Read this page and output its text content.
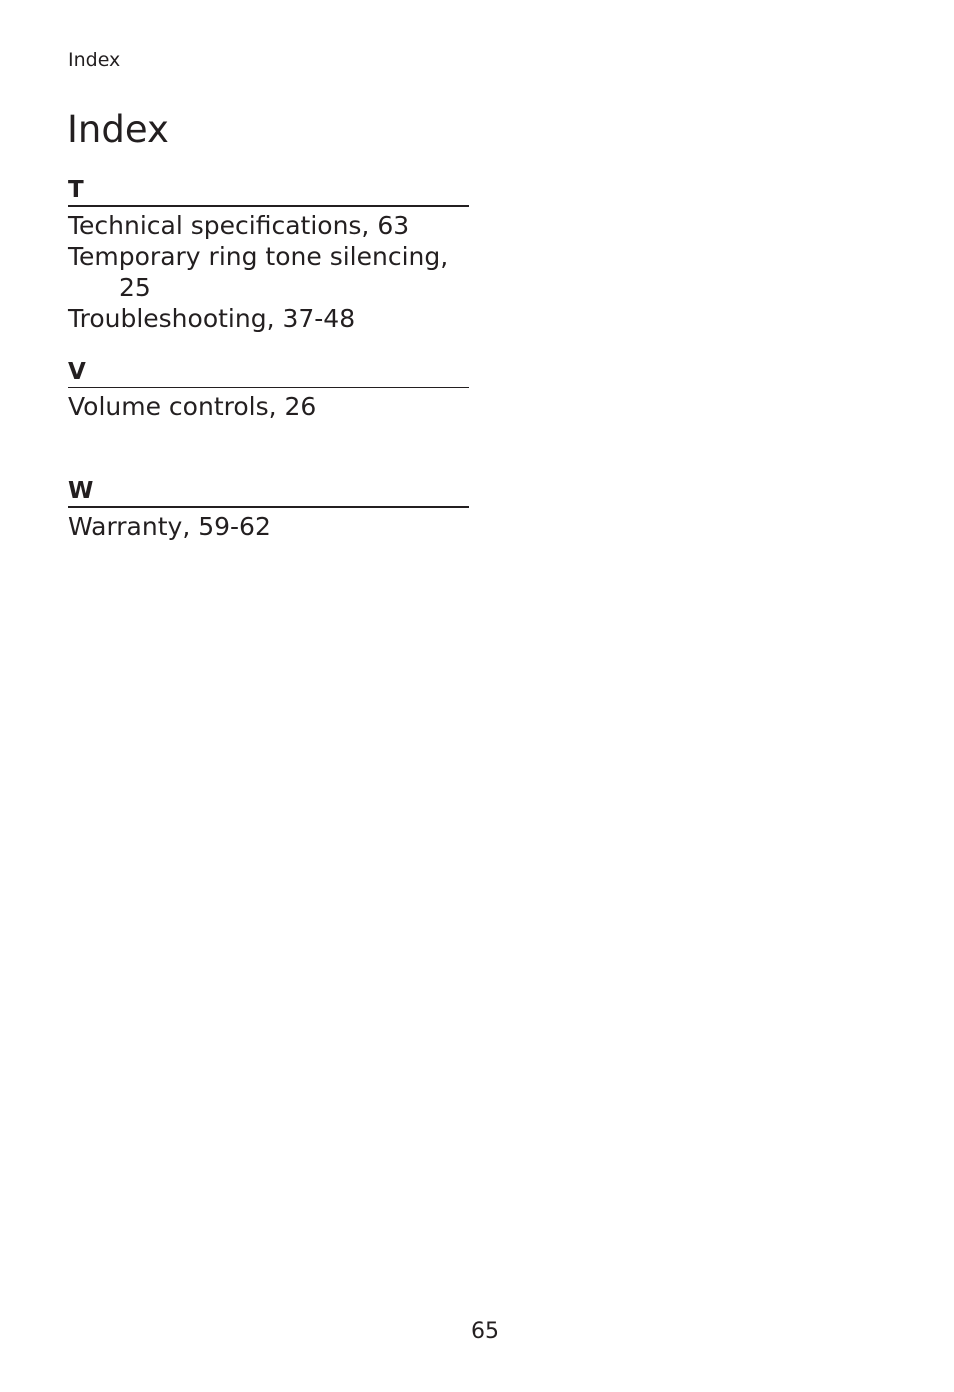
Index
Index
T
Technical specifications, 63
Temporary ring tone silencing,
25
Troubleshooting, 37-48
V
Volume controls, 26
W
Warranty, 59-62
65
